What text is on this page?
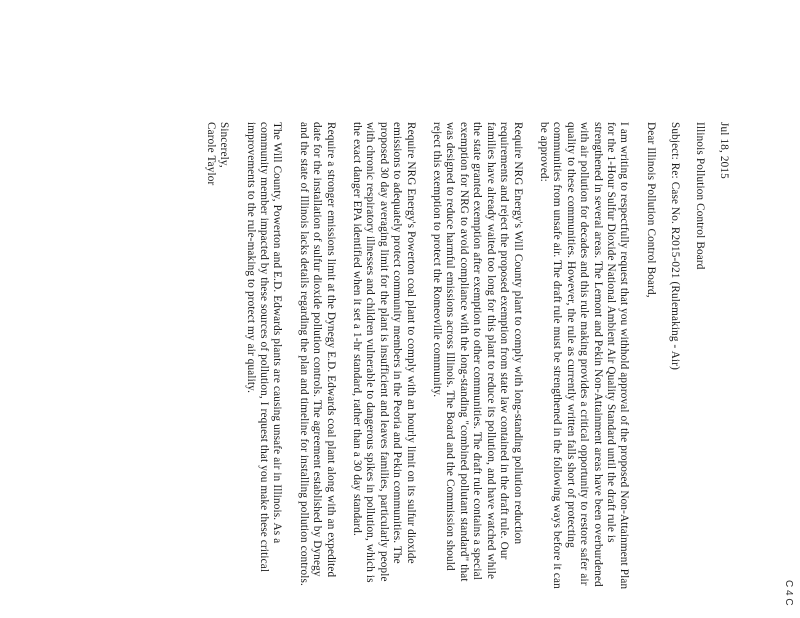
C 4 C
Jul 18, 2015
Illinois Pollution Control Board
Subject: Re: Case No. R2015-021 (Rulemaking - Air)
Dear Illinois Pollution Control Board,

I am writing to respectfully request that you withhold approval of the proposed Non-Attainment Plan for the 1-Hour Sulfur Dioxide National Ambient Air Quality Standard until the draft rule is strengthened in several areas. The Lemont and Pekin Non-Attainment areas have been overburdened with air pollution for decades and this rule making provides a critical opportunity to restore safer air quality to these communities. However, the rule as currently written falls short of protecting communities from unsafe air. The draft rule must be strengthened in the following ways before it can be approved:

Require NRG Energy's Will County plant to comply with long-standing pollution reduction requirements and reject the proposed exemption from state law contained in the draft rule. Our families have already waited too long for this plant to reduce its pollution, and have watched while the state granted exemption after exemption to other communities. The draft rule contains a special exemption for NRG to avoid compliance with the long-standing "combined pollutant standard" that was designed to reduce harmful emissions across Illinois. The Board and the Commission should reject this exemption to protect the Romeoville community.

Require NRG Energy's Powerton coal plant to comply with an hourly limit on its sulfur dioxide emissions to adequately protect community members in the Peoria and Pekin communities. The proposed 30 day averaging limit for the plant is insufficient and leaves families, particularly people with chronic respiratory illnesses and children vulnerable to dangerous spikes in pollution, which is the exact danger EPA identified when it set a 1-hr standard, rather than a 30 day standard.

Require a stronger emissions limit at the Dynegy E.D. Edwards coal plant along with an expedited date for the installation of sulfur dioxide pollution controls. The agreement established by Dynegy and the state of Illinois lacks details regarding the plan and timeline for installing pollution controls.

The Will County, Powerton and E.D. Edwards plants are causing unsafe air in Illinois. As a community member impacted by these sources of pollution, I request that you make these critical improvements to the rule-making to protect my air quality.

Sincerely,
Carole Taylor
